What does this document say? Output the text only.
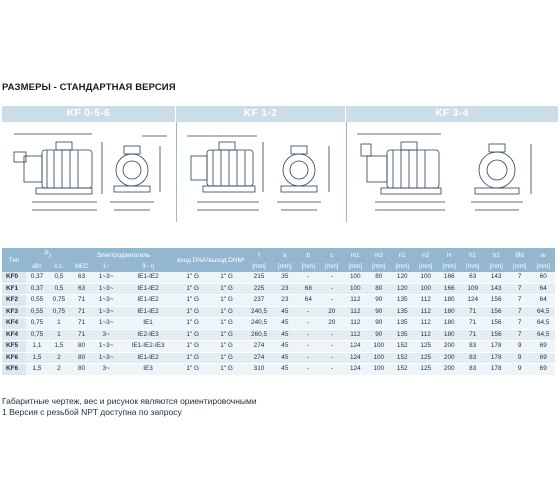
РАЗМЕРЫ - СТАНДАРТНАЯ ВЕРСИЯ
KF 0-5-6	KF 1-2	KF 3-4
Тип	$P_2$		Электродвигатель			вход DNA¹	выход DNM¹	f	a	b	c	m1	m2	n1	n2	H	h1	h2	Ød	w
	кВт	л.с.	MEC	1~	3~ η			[mm]	[mm]	[mm]	[mm]	[mm]	[mm]	[mm]	[mm]	[mm]	[mm]	[mm]	[mm]	[mm]
KF0	0,37	0,5	63	1~3~	IE1-IE2	1" G	1" G	215	35	-	-	100	80	120	100	166	63	143	7	60
KF1	0,37	0,5	63	1~3~	IE1-IE2	1" G	1" G	225	23	68	-	100	80	120	100	166	109	143	7	64
KF2	0,55	0,75	71	1~3~	IE1-IE2	1" G	1" G	237	23	64	-	112	90	135	112	180	124	156	7	64
KF3	0,55	0,75	71	1~3~	IE1-IE2	1" G	1" G	240,5	45	-	20	112	90	135	112	180	71	156	7	64,5
KF4	0,75	1	71	1~3~	IE1	1" G	1" G	240,5	45	-	20	112	90	135	112	180	71	156	7	64,5
KF4	0,75	1	71	3~	IE2-IE3	1" G	1" G	260,5	45	-	-	112	90	135	112	180	71	156	7	64,5
KF5	1,1	1,5	80	1~3~	IE1-IE2-IE3	1" G	1" G	274	45	-	-	124	100	152	125	200	83	178	9	69
KF6	1,5	2	80	1~3~	IE1-IE2	1" G	1" G	274	45	-	-	124	100	152	125	200	83	178	9	69
KF6	1,5	2	80	3~	IE3	1" G	1" G	310	45	-	-	124	100	152	125	200	83	178	9	69
Габаритные чертеж, вес и рисунок являются ориентировочными
1 Версия с резьбой NPT доступна по запросу
